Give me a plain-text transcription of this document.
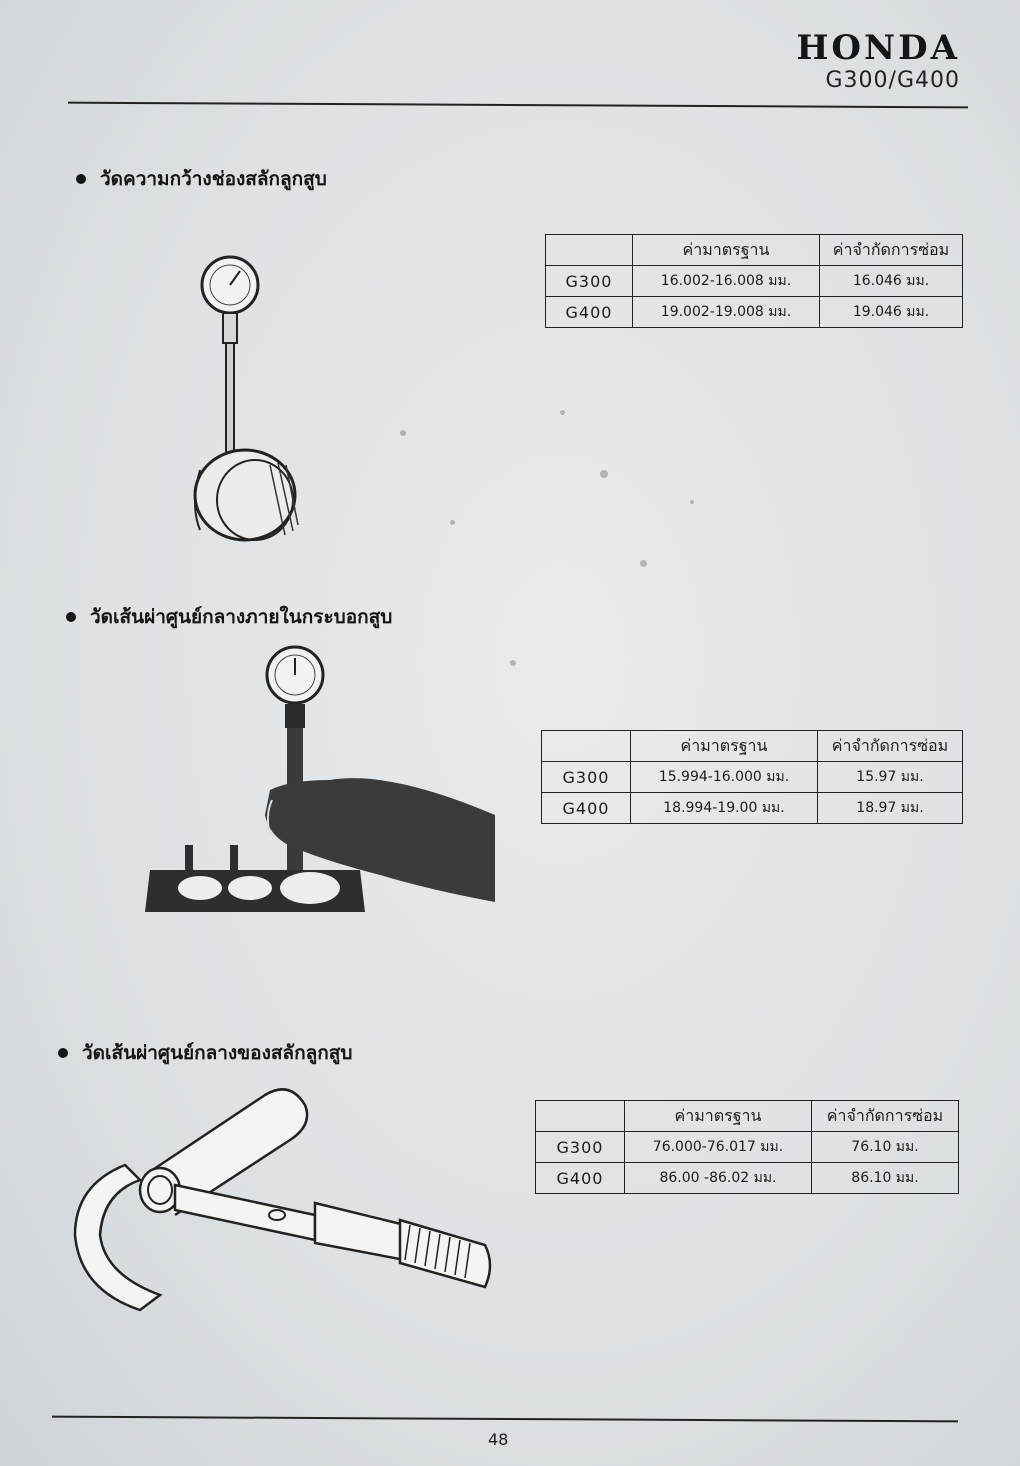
HONDA
G300/G400
วัดความกว้างช่องสลักลูกสูบ
	ค่ามาตรฐาน	ค่าจำกัดการซ่อม
G300	16.002-16.008 มม.	16.046 มม.
G400	19.002-19.008 มม.	19.046 มม.
วัดเส้นผ่าศูนย์กลางภายในกระบอกสูบ
	ค่ามาตรฐาน	ค่าจำกัดการซ่อม
G300	15.994-16.000 มม.	15.97 มม.
G400	18.994-19.00 มม.	18.97 มม.
วัดเส้นผ่าศูนย์กลางของสลักลูกสูบ
	ค่ามาตรฐาน	ค่าจำกัดการซ่อม
G300	76.000-76.017 มม.	76.10 มม.
G400	86.00 -86.02 มม.	86.10 มม.
48
